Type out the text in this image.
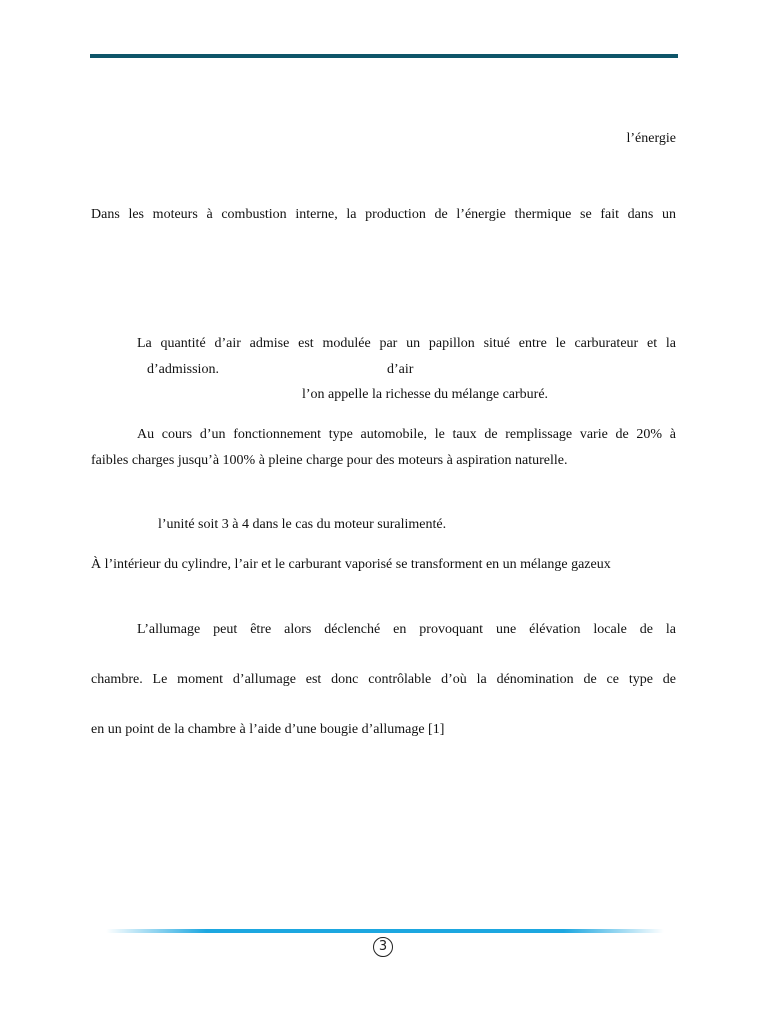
l’énergie
Dans les moteurs à combustion interne, la production de l’énergie thermique se fait dans un
La quantité d’air admise est modulée par un papillon situé entre le carburateur et la
d’admission.	d’air
l’on appelle la richesse du mélange carburé.
Au cours d’un fonctionnement type automobile, le taux de remplissage varie de 20% à
faibles charges jusqu’à 100% à pleine charge pour des moteurs à aspiration naturelle.
l’unité soit 3 à 4 dans le cas du moteur suralimenté.
À l’intérieur du cylindre, l’air et le carburant vaporisé se transforment en un mélange gazeux
L’allumage peut être alors déclenché en provoquant une élévation locale de la
chambre. Le moment d’allumage est donc contrôlable d’où la dénomination de ce type de
en un point de la chambre à l’aide d’une bougie d’allumage [1]
3
